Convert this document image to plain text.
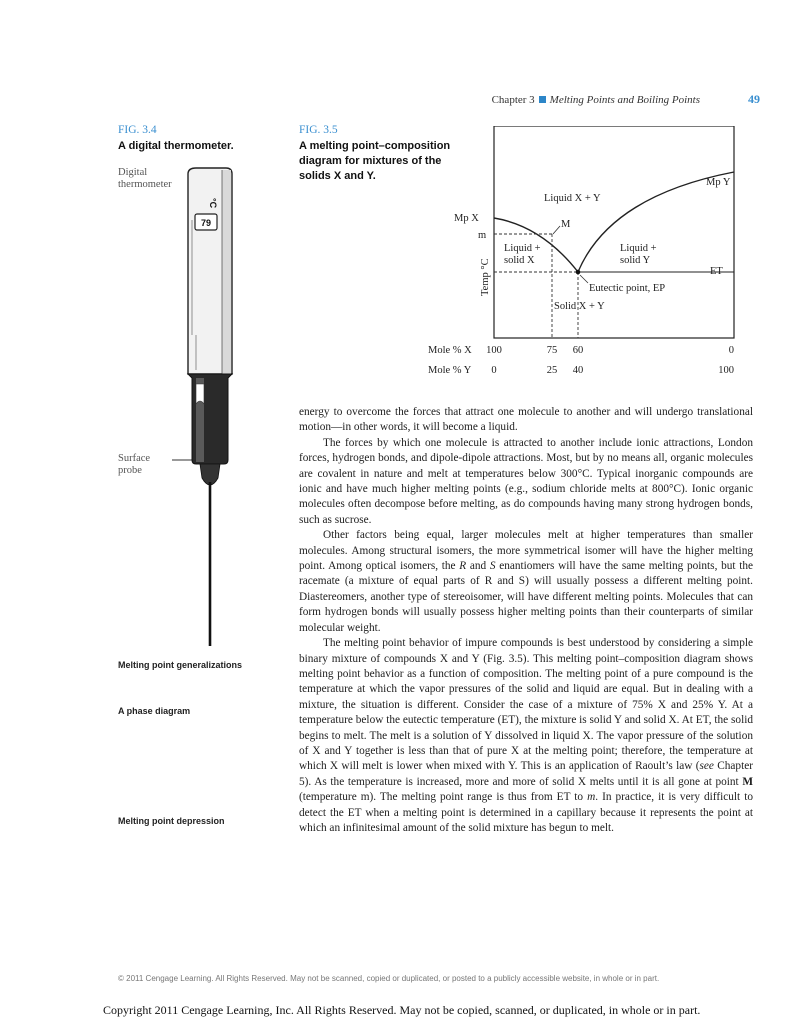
Chapter 3 Melting Points and Boiling Points	49
FIG. 3.4
A digital thermometer.
FIG. 3.5
A melting point–composition
diagram for mixtures of the
solids X and Y.
Digital
thermometer
Surface
probe
79
°C
Mp Y
Mp X
m
Liquid X + Y
M
Liquid +
solid X
Liquid +
solid Y
ET
Eutectic point, EP
Solid X + Y
Temp °C
Mole % X
Mole % Y
100	75 60	0
0	25 40	100
Melting point generalizations
A phase diagram
Melting point depression

energy to overcome the forces that attract one molecule to another and will undergo translational motion—in other words, it will become a liquid.

The forces by which one molecule is attracted to another include ionic attractions, London forces, hydrogen bonds, and dipole-dipole attractions. Most, but by no means all, organic molecules are covalent in nature and melt at temperatures below 300°C. Typical inorganic compounds are ionic and have much higher melting points (e.g., sodium chloride melts at 800°C). Ionic organic molecules often decompose before melting, as do compounds having many strong hydrogen bonds, such as sucrose.

Other factors being equal, larger molecules melt at higher temperatures than smaller molecules. Among structural isomers, the more symmetrical isomer will have the higher melting point. Among optical isomers, the R and S enantiomers will have the same melting points, but the racemate (a mixture of equal parts of R and S) will usually possess a different melting point. Diastereomers, another type of stereoisomer, will have different melting points. Molecules that can form hydrogen bonds will usually possess higher melting points than their counterparts of similar molecular weight.

The melting point behavior of impure compounds is best understood by considering a simple binary mixture of compounds X and Y (Fig. 3.5). This melting point–composition diagram shows melting point behavior as a function of composition. The melting point of a pure compound is the temperature at which the vapor pressures of the solid and liquid are equal. But in dealing with a mixture, the situation is different. Consider the case of a mixture of 75% X and 25% Y. At a temperature below the eutectic temperature (ET), the mixture is solid Y and solid X. At ET, the solid begins to melt. The melt is a solution of Y dissolved in liquid X. The vapor pressure of the solution of X and Y together is less than that of pure X at the melting point; therefore, the temperature at which X will melt is lower when mixed with Y. This is an application of Raoult’s law (see Chapter 5). As the temperature is increased, more and more of solid X melts until it is all gone at point M (temperature m). The melting point range is thus from ET to m. In practice, it is very difficult to detect the ET when a melting point is determined in a capillary because it represents the point at which an infinitesimal amount of the solid mixture has begun to melt.

© 2011 Cengage Learning. All Rights Reserved. May not be scanned, copied or duplicated, or posted to a publicly accessible website, in whole or in part.
Copyright 2011 Cengage Learning, Inc. All Rights Reserved. May not be copied, scanned, or duplicated, in whole or in part.
